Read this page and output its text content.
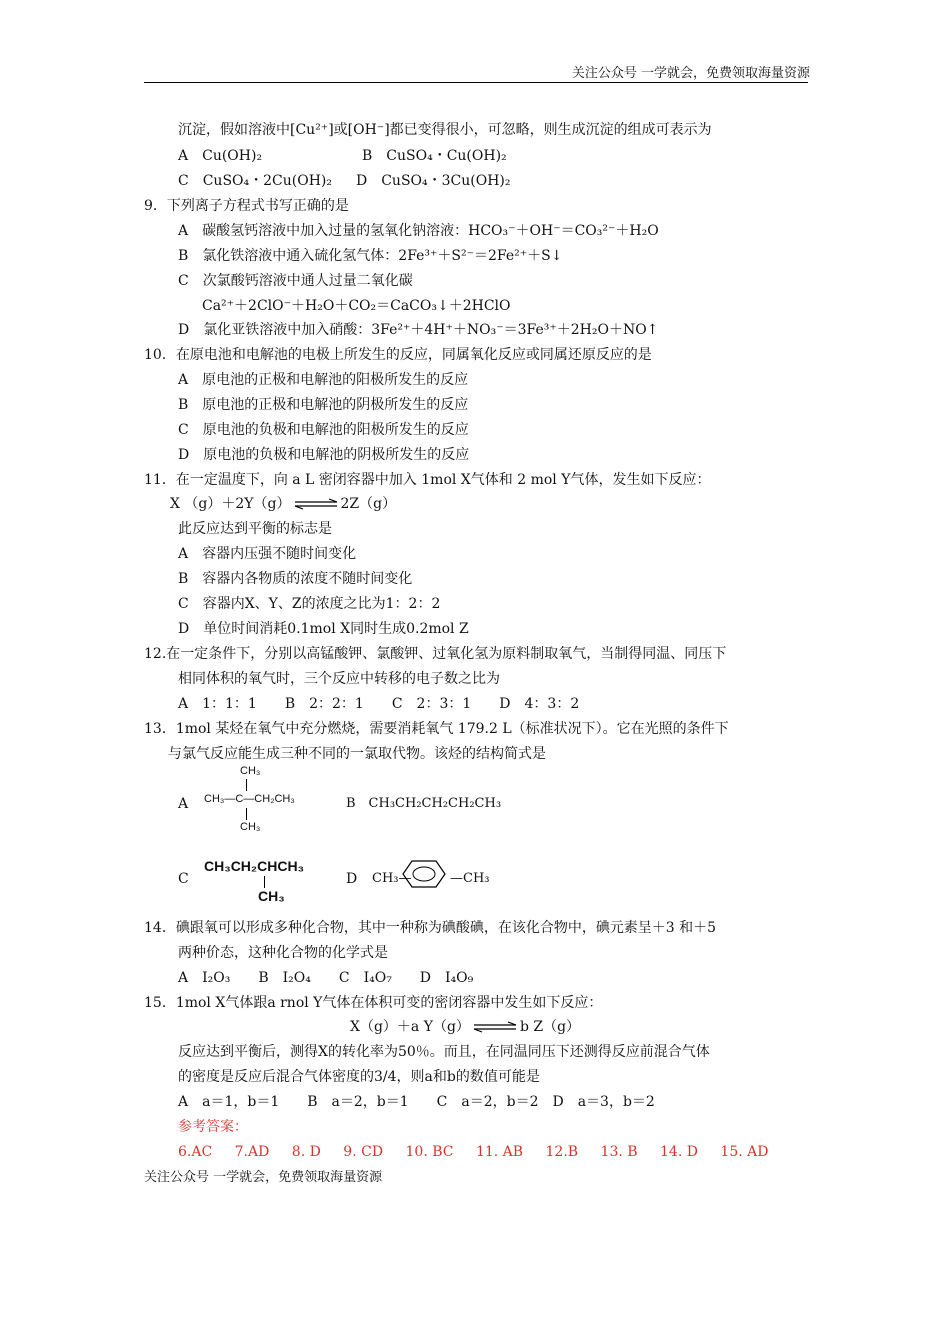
关注公众号 一学就会，免费领取海量资源
沉淀，假如溶液中[Cu²⁺]或[OH⁻]都已变得很小，可忽略，则生成沉淀的组成可表示为
A　Cu(OH)₂	B　CuSO₄・Cu(OH)₂
C　CuSO₄・2Cu(OH)₂ D　CuSO₄・3Cu(OH)₂
9．下列离子方程式书写正确的是
A　碳酸氢钙溶液中加入过量的氢氧化钠溶液：HCO₃⁻＋OH⁻＝CO₃²⁻＋H₂O
B　氯化铁溶液中通入硫化氢气体：2Fe³⁺＋S²⁻＝2Fe²⁺＋S↓
C　次氯酸钙溶液中通人过量二氧化碳
Ca²⁺＋2ClO⁻＋H₂O＋CO₂＝CaCO₃↓＋2HClO
D　氯化亚铁溶液中加入硝酸：3Fe²⁺＋4H⁺＋NO₃⁻＝3Fe³⁺＋2H₂O＋NO↑
10．在原电池和电解池的电极上所发生的反应，同属氧化反应或同属还原反应的是
A　原电池的正极和电解池的阳极所发生的反应
B　原电池的正极和电解池的阴极所发生的反应
C　原电池的负极和电解池的阳极所发生的反应
D　原电池的负极和电解池的阴极所发生的反应
11．在一定温度下，向 a L 密闭容器中加入 1mol X气体和 2 mol Y气体，发生如下反应：
X （g）＋2Y（g） ⇌ 2Z（g）
此反应达到平衡的标志是
A　容器内压强不随时间变化
B　容器内各物质的浓度不随时间变化
C　容器内X、Y、Z的浓度之比为1：2：2
D　单位时间消耗0.1mol X同时生成0.2mol Z
12.在一定条件下，分别以高锰酸钾、氯酸钾、过氧化氢为原料制取氧气，当制得同温、同压下
相同体积的氧气时，三个反应中转移的电子数之比为
A　1：1：1　　B　2：2：1　　C　2：3：1　　D　4：3：2
13．1mol 某烃在氧气中充分燃烧，需要消耗氧气 179.2 L（标准状况下）。它在光照的条件下
与氯气反应能生成三种不同的一氯取代物。该烃的结构简式是
A
CH₃
CH₃—C—CH₂CH₃
CH₃
B　CH₃CH₂CH₂CH₂CH₃
C
CH₃CH₂CHCH₃
CH₃
D CH₃—	—CH₃
14．碘跟氧可以形成多种化合物，其中一种称为碘酸碘，在该化合物中，碘元素呈＋3 和＋5
两种价态，这种化合物的化学式是
A　I₂O₃　　B　I₂O₄　　C　I₄O₇　　D　I₄O₉
15．1mol X气体跟a rnol Y气体在体积可变的密闭容器中发生如下反应：
X（g）＋a Y（g） ⇌ b Z（g）
反应达到平衡后，测得X的转化率为50％。而且，在同温同压下还测得反应前混合气体
的密度是反应后混合气体密度的3/4，则a和b的数值可能是
A　a＝1，b＝1　　B　a＝2，b＝1　　C　a＝2，b＝2　D　a＝3，b＝2
参考答案：
6.AC 7.AD 8. D 9. CD 10. BC 11. AB 12.B 13. B 14. D 15. AD
关注公众号 一学就会，免费领取海量资源
